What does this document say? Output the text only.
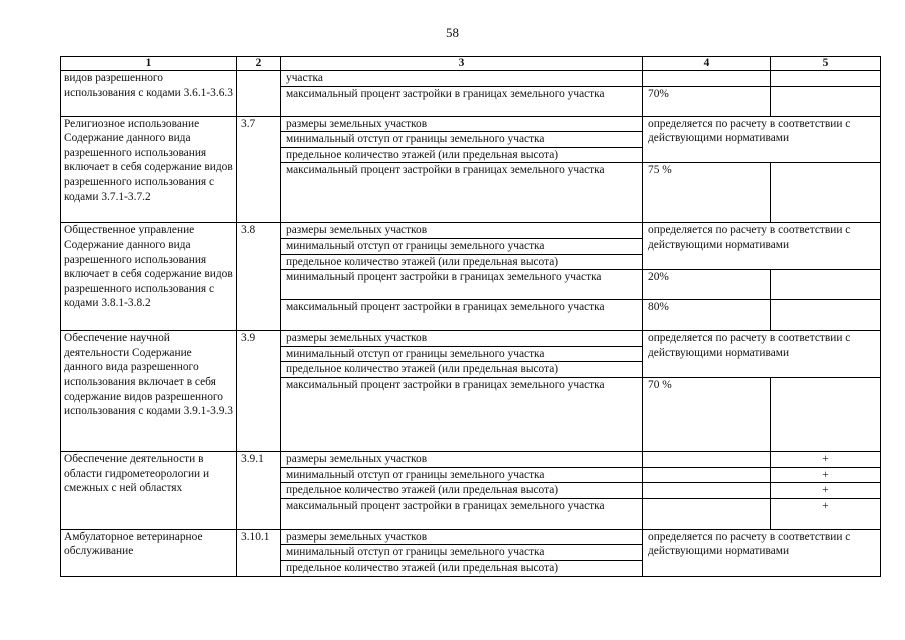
58
1	2	3	4	5
видов разрешенного использования с кодами 3.6.1-3.6.3		участка		
		максимальный процент застройки в границах земельного участка	70%	
Религиозное использование Содержание данного вида разрешенного использования включает в себя содержание видов разрешенного использования с кодами 3.7.1-3.7.2	3.7	размеры земельных участков	определяется по расчету в соответствии с действующими нормативами	
		минимальный отступ от границы земельного участка		
		предельное количество этажей (или предельная высота)		
		максимальный процент застройки в границах земельного участка	75 %	
Общественное управление Содержание данного вида разрешенного использования включает в себя содержание видов разрешенного использования с кодами 3.8.1-3.8.2	3.8	размеры земельных участков	определяется по расчету в соответствии с действующими нормативами	
		минимальный отступ от границы земельного участка		
		предельное количество этажей (или предельная высота)		
		минимальный процент застройки в границах земельного участка	20%	
		максимальный процент застройки в границах земельного участка	80%	
Обеспечение научной деятельности Содержание данного вида разрешенного использования включает в себя содержание видов разрешенного использования с кодами 3.9.1-3.9.3	3.9	размеры земельных участков	определяется по расчету в соответствии с действующими нормативами	
		минимальный отступ от границы земельного участка		
		предельное количество этажей (или предельная высота)		
		максимальный процент застройки в границах земельного участка	70 %	
Обеспечение деятельности в области гидрометеорологии и смежных с ней областях	3.9.1	размеры земельных участков		+
		минимальный отступ от границы земельного участка		+
		предельное количество этажей (или предельная высота)		+
		максимальный процент застройки в границах земельного участка		+
Амбулаторное ветеринарное обслуживание	3.10.1	размеры земельных участков	определяется по расчету в соответствии с действующими нормативами	
		минимальный отступ от границы земельного участка		
		предельное количество этажей (или предельная высота)		
